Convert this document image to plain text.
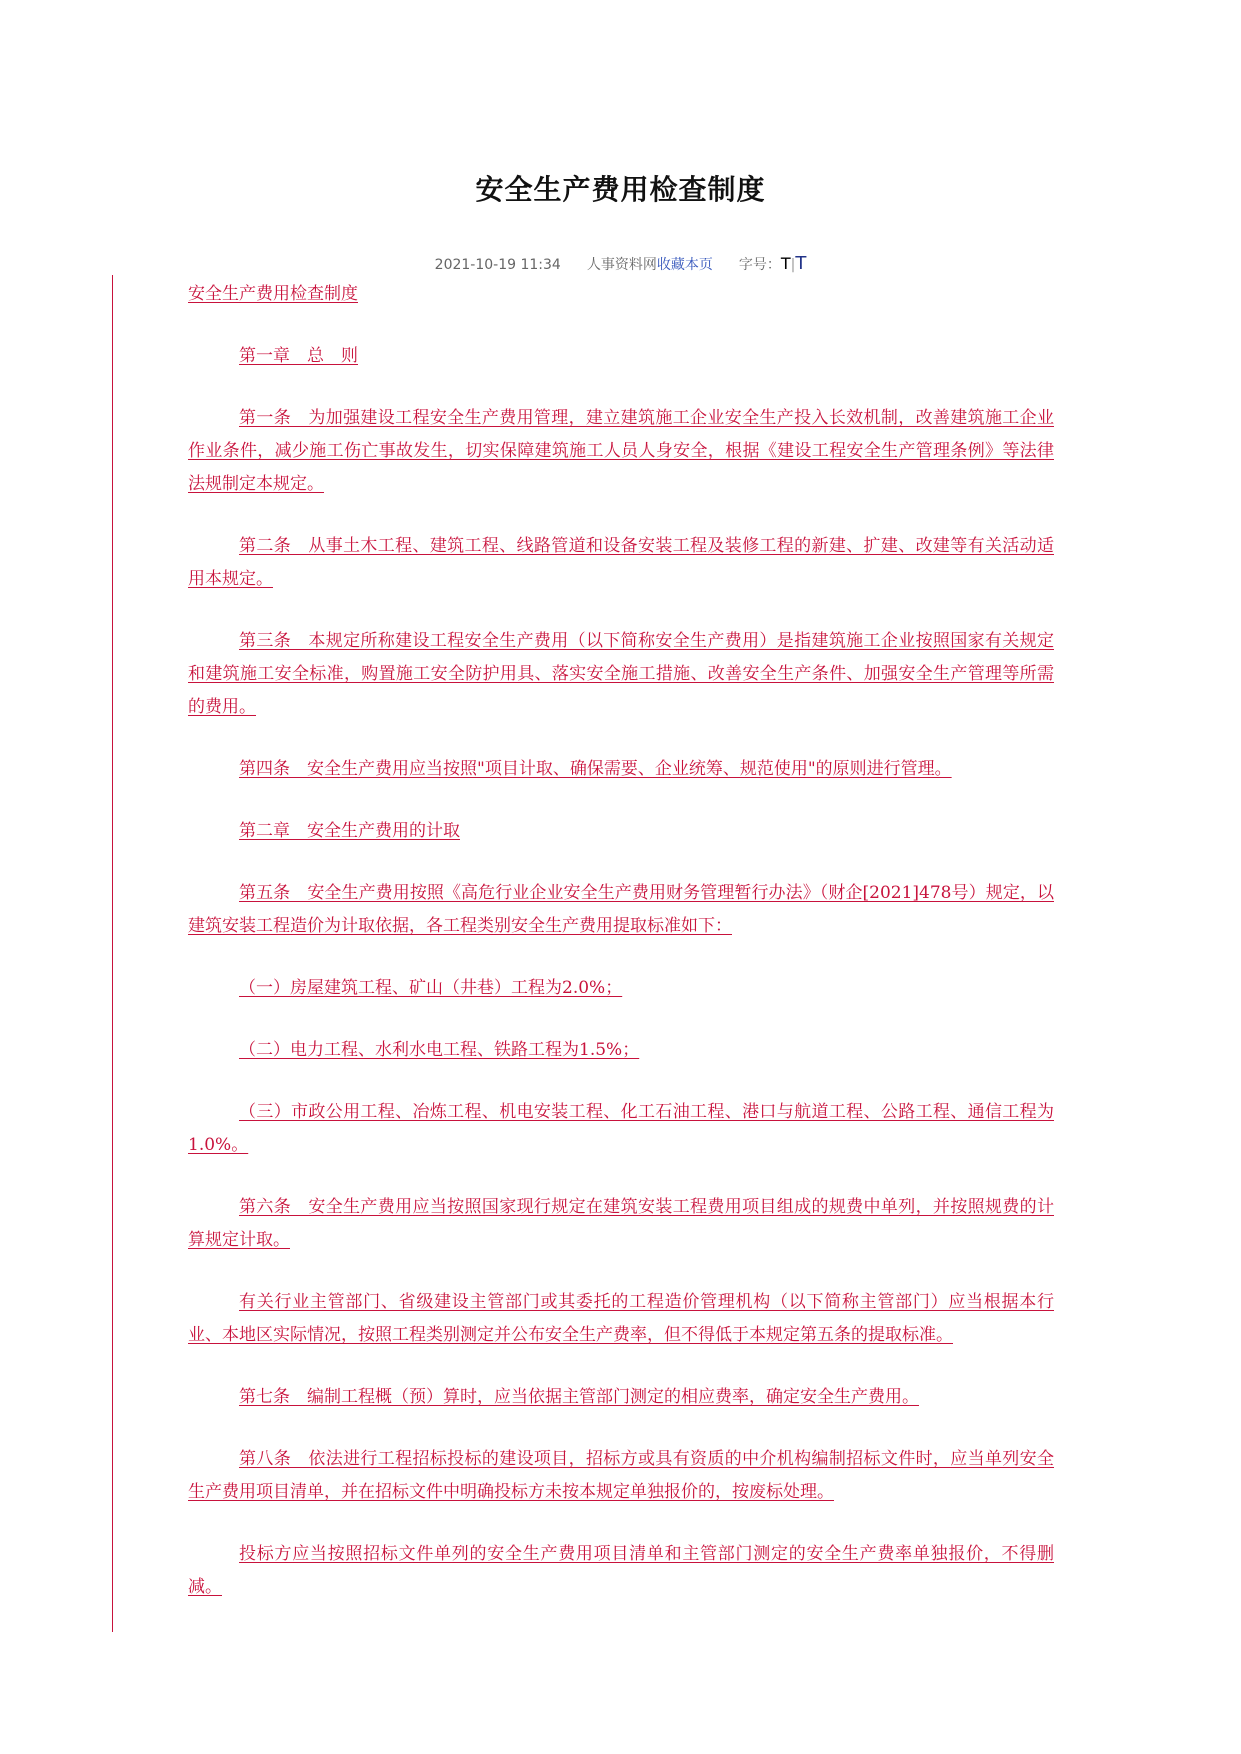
安全生产费用检查制度
2021-10-19 11:34 人事资料网收藏本页 字号：T|T

安全生产费用检查制度

第一章　总　则

第一条　为加强建设工程安全生产费用管理，建立建筑施工企业安全生产投入长效机制，改善建筑施工企业作业条件，减少施工伤亡事故发生，切实保障建筑施工人员人身安全，根据《建设工程安全生产管理条例》等法律法规制定本规定。

第二条　从事土木工程、建筑工程、线路管道和设备安装工程及装修工程的新建、扩建、改建等有关活动适用本规定。

第三条　本规定所称建设工程安全生产费用（以下简称安全生产费用）是指建筑施工企业按照国家有关规定和建筑施工安全标准，购置施工安全防护用具、落实安全施工措施、改善安全生产条件、加强安全生产管理等所需的费用。

第四条　安全生产费用应当按照"项目计取、确保需要、企业统筹、规范使用"的原则进行管理。

第二章　安全生产费用的计取

第五条　安全生产费用按照《高危行业企业安全生产费用财务管理暂行办法》（财企[2021]478号）规定，以建筑安装工程造价为计取依据，各工程类别安全生产费用提取标准如下：

（一）房屋建筑工程、矿山（井巷）工程为2.0%；

（二）电力工程、水利水电工程、铁路工程为1.5%；

（三）市政公用工程、冶炼工程、机电安装工程、化工石油工程、港口与航道工程、公路工程、通信工程为1.0%。

第六条　安全生产费用应当按照国家现行规定在建筑安装工程费用项目组成的规费中单列，并按照规费的计算规定计取。

有关行业主管部门、省级建设主管部门或其委托的工程造价管理机构（以下简称主管部门）应当根据本行业、本地区实际情况，按照工程类别测定并公布安全生产费率，但不得低于本规定第五条的提取标准。

第七条　编制工程概（预）算时，应当依据主管部门测定的相应费率，确定安全生产费用。

第八条　依法进行工程招标投标的建设项目，招标方或具有资质的中介机构编制招标文件时，应当单列安全生产费用项目清单，并在招标文件中明确投标方未按本规定单独报价的，按废标处理。

投标方应当按照招标文件单列的安全生产费用项目清单和主管部门测定的安全生产费率单独报价，不得删减。
